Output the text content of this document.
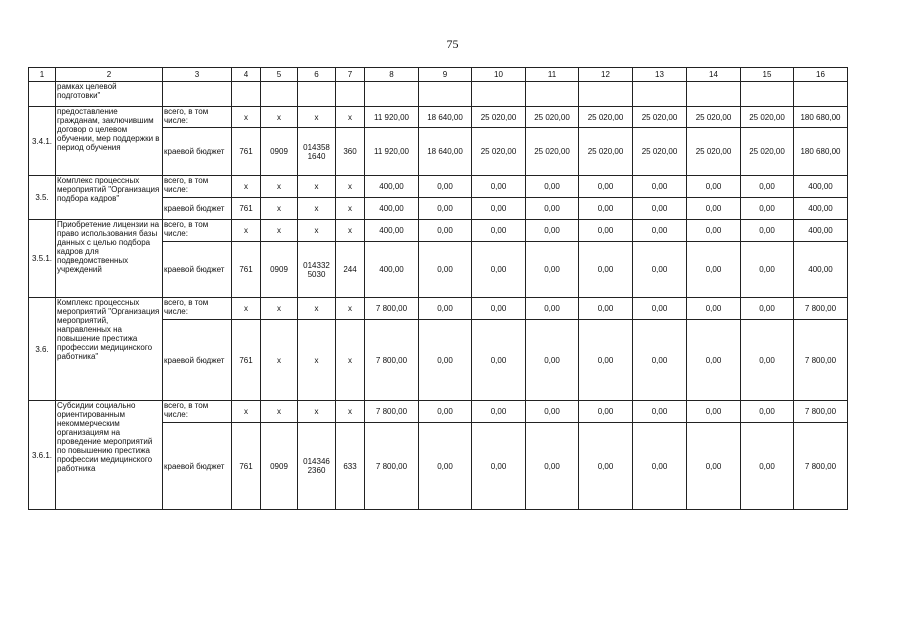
75
1	2	3	4	5	6	7	8	9	10	11	12	13	14	15	16
	рамках целевой подготовки"														
3.4.1.	предоставление гражданам, заключившим договор о целевом обучении, мер поддержки в период обучения	всего, в том числе:	x	x	x	x	11 920,00	18 640,00	25 020,00	25 020,00	25 020,00	25 020,00	25 020,00	25 020,00	180 680,00
		краевой бюджет	761	0909	014358 1640	360	11 920,00	18 640,00	25 020,00	25 020,00	25 020,00	25 020,00	25 020,00	25 020,00	180 680,00
3.5.	Комплекс процессных мероприятий "Организация подбора кадров"	всего, в том числе:	x	x	x	x	400,00	0,00	0,00	0,00	0,00	0,00	0,00	0,00	400,00
		краевой бюджет	761	x	x	x	400,00	0,00	0,00	0,00	0,00	0,00	0,00	0,00	400,00
3.5.1.	Приобретение лицензии на право использования базы данных с целью подбора кадров для подведомственных учреждений	всего, в том числе:	x	x	x	x	400,00	0,00	0,00	0,00	0,00	0,00	0,00	0,00	400,00
		краевой бюджет	761	0909	014332 5030	244	400,00	0,00	0,00	0,00	0,00	0,00	0,00	0,00	400,00
3.6.	Комплекс процессных мероприятий "Организация мероприятий, направленных на повышение престижа профессии медицинского работника"	всего, в том числе:	x	x	x	x	7 800,00	0,00	0,00	0,00	0,00	0,00	0,00	0,00	7 800,00
		краевой бюджет	761	x	x	x	7 800,00	0,00	0,00	0,00	0,00	0,00	0,00	0,00	7 800,00
3.6.1.	Субсидии социально ориентированным некоммерческим организациям на проведение мероприятий по повышению престижа профессии медицинского работника	всего, в том числе:	x	x	x	x	7 800,00	0,00	0,00	0,00	0,00	0,00	0,00	0,00	7 800,00
		краевой бюджет	761	0909	014346 2360	633	7 800,00	0,00	0,00	0,00	0,00	0,00	0,00	0,00	7 800,00
